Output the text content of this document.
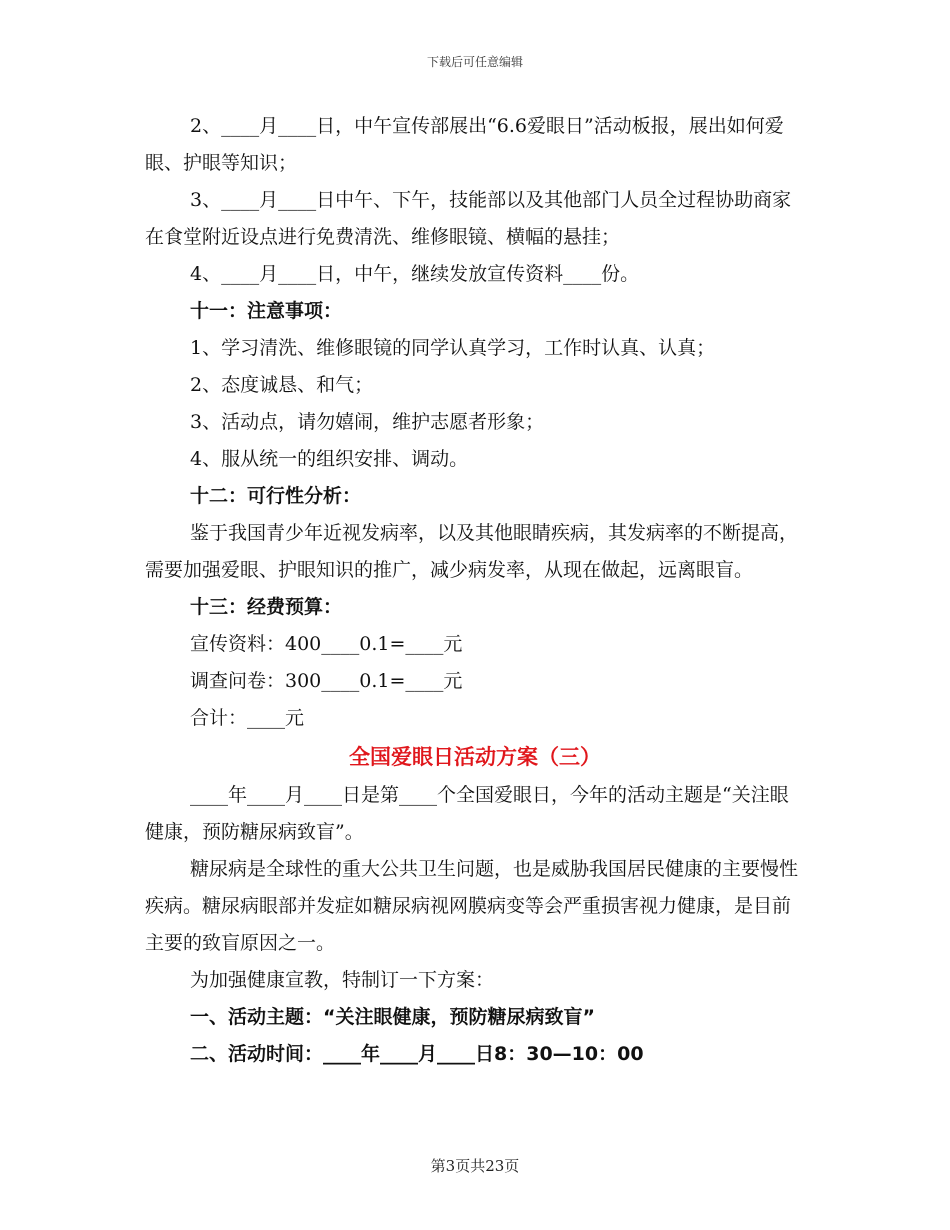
下载后可任意编辑

2、____月____日，中午宣传部展出“6.6爱眼日”活动板报，展出如何爱眼、护眼等知识；

3、____月____日中午、下午，技能部以及其他部门人员全过程协助商家在食堂附近设点进行免费清洗、维修眼镜、横幅的悬挂；

4、____月____日，中午，继续发放宣传资料____份。

十一：注意事项：

1、学习清洗、维修眼镜的同学认真学习，工作时认真、认真；

2、态度诚恳、和气；

3、活动点，请勿嬉闹，维护志愿者形象；

4、服从统一的组织安排、调动。

十二：可行性分析：

鉴于我国青少年近视发病率，以及其他眼睛疾病，其发病率的不断提高，需要加强爱眼、护眼知识的推广，减少病发率，从现在做起，远离眼盲。

十三：经费预算：

宣传资料：400____0.1=____元

调查问卷：300____0.1=____元

合计：____元

全国爱眼日活动方案（三）

____年____月____日是第____个全国爱眼日，今年的活动主题是“关注眼健康，预防糖尿病致盲”。

糖尿病是全球性的重大公共卫生问题，也是威胁我国居民健康的主要慢性疾病。糖尿病眼部并发症如糖尿病视网膜病变等会严重损害视力健康，是目前主要的致盲原因之一。

为加强健康宣教，特制订一下方案：

一、活动主题：“关注眼健康，预防糖尿病致盲”

二、活动时间：____年____月____日8：30—10：00

第3页共23页
